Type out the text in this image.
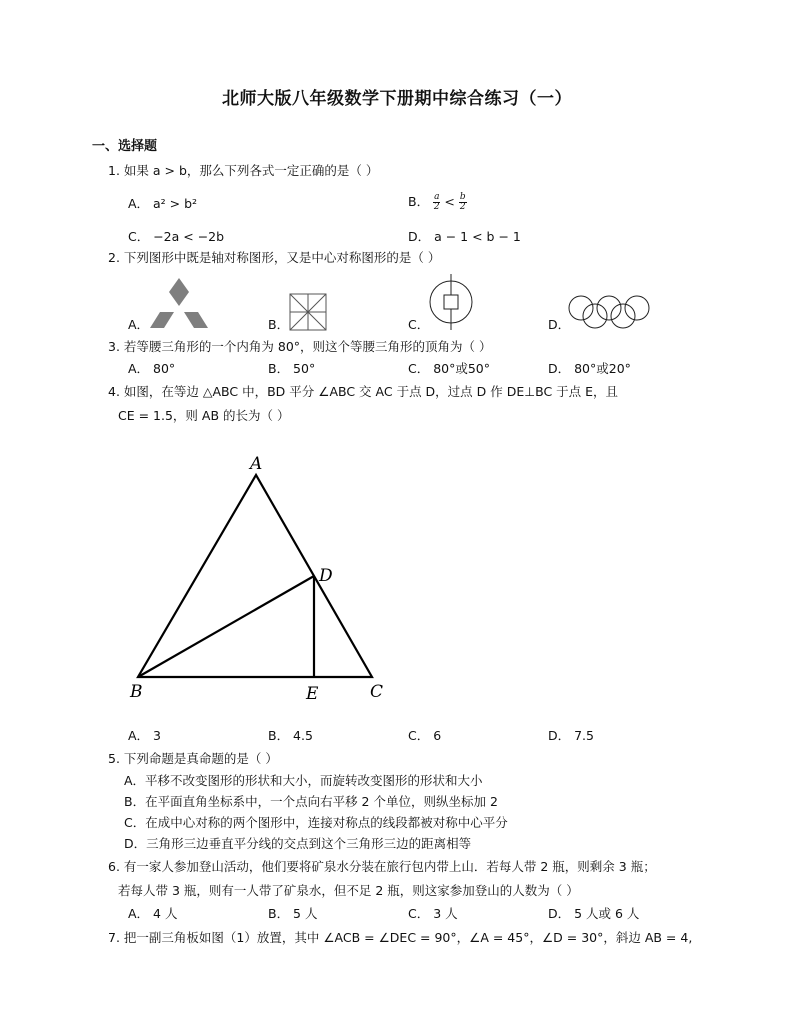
北师大版八年级数学下册期中综合练习（一）
一、选择题
1. 如果 a > b，那么下列各式一定正确的是（ ）
A． a² > b²	B． $\frac{a}{2} < \frac{b}{2}$
C． −2a < −2b	D． a − 1 < b − 1
2. 下列图形中既是轴对称图形，又是中心对称图形的是（ ）
A．	B．	C．	D．
3. 若等腰三角形的一个内角为 80°，则这个等腰三角形的顶角为（ ）
A． 80°	B． 50°	C． 80°或50°	D． 80°或20°
4. 如图，在等边 △ABC 中，BD 平分 ∠ABC 交 AC 于点 D，过点 D 作 DE⊥BC 于点 E，且
CE = 1.5，则 AB 的长为（ ）
A
B	C
D
E
A． 3	B． 4.5	C． 6	D． 7.5
5. 下列命题是真命题的是（ ）
A．平移不改变图形的形状和大小，而旋转改变图形的形状和大小
B．在平面直角坐标系中，一个点向右平移 2 个单位，则纵坐标加 2
C．在成中心对称的两个图形中，连接对称点的线段都被对称中心平分
D．三角形三边垂直平分线的交点到这个三角形三边的距离相等
6. 有一家人参加登山活动，他们要将矿泉水分装在旅行包内带上山．若每人带 2 瓶，则剩余 3 瓶；
若每人带 3 瓶，则有一人带了矿泉水，但不足 2 瓶，则这家参加登山的人数为（ ）
A． 4 人	B． 5 人	C． 3 人	D． 5 人或 6 人
7. 把一副三角板如图（1）放置，其中 ∠ACB = ∠DEC = 90°，∠A = 45°，∠D = 30°，斜边 AB = 4,
